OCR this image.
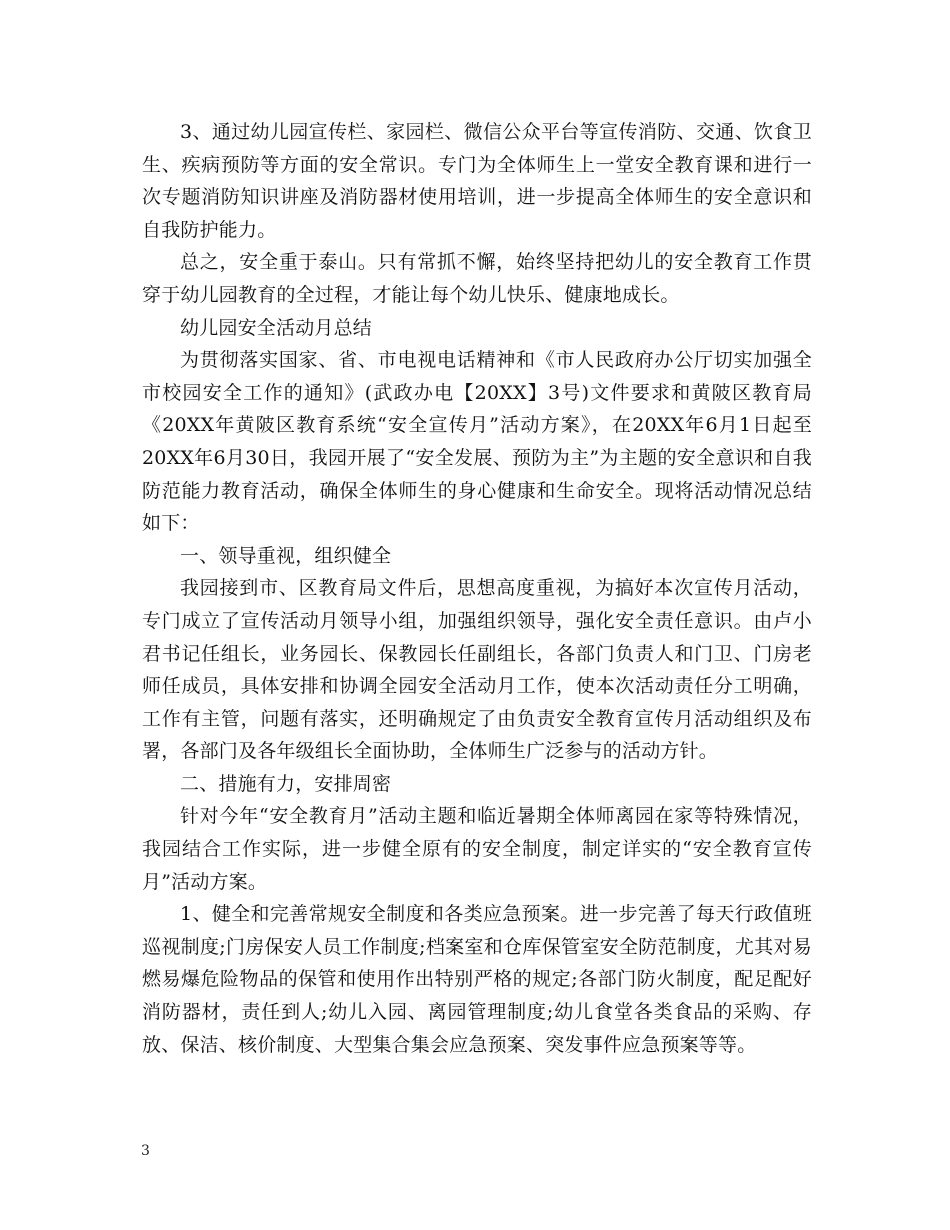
3、通过幼儿园宣传栏、家园栏、微信公众平台等宣传消防、交通、饮食卫生、疾病预防等方面的安全常识。专门为全体师生上一堂安全教育课和进行一次专题消防知识讲座及消防器材使用培训，进一步提高全体师生的安全意识和自我防护能力。

总之，安全重于泰山。只有常抓不懈，始终坚持把幼儿的安全教育工作贯穿于幼儿园教育的全过程，才能让每个幼儿快乐、健康地成长。

幼儿园安全活动月总结

为贯彻落实国家、省、市电视电话精神和《市人民政府办公厅切实加强全市校园安全工作的通知》(武政办电【20XX】3号)文件要求和黄陂区教育局《20XX年黄陂区教育系统“安全宣传月”活动方案》，在20XX年6月1日起至20XX年6月30日，我园开展了“安全发展、预防为主”为主题的安全意识和自我防范能力教育活动，确保全体师生的身心健康和生命安全。现将活动情况总结如下：

一、领导重视，组织健全

我园接到市、区教育局文件后，思想高度重视，为搞好本次宣传月活动，专门成立了宣传活动月领导小组，加强组织领导，强化安全责任意识。由卢小君书记任组长，业务园长、保教园长任副组长，各部门负责人和门卫、门房老师任成员，具体安排和协调全园安全活动月工作，使本次活动责任分工明确，工作有主管，问题有落实，还明确规定了由负责安全教育宣传月活动组织及布署，各部门及各年级组长全面协助，全体师生广泛参与的活动方针。

二、措施有力，安排周密

针对今年“安全教育月”活动主题和临近暑期全体师离园在家等特殊情况，我园结合工作实际，进一步健全原有的安全制度，制定详实的“安全教育宣传月”活动方案。

1、健全和完善常规安全制度和各类应急预案。进一步完善了每天行政值班巡视制度;门房保安人员工作制度;档案室和仓库保管室安全防范制度，尤其对易燃易爆危险物品的保管和使用作出特别严格的规定;各部门防火制度，配足配好消防器材，责任到人;幼儿入园、离园管理制度;幼儿食堂各类食品的采购、存放、保洁、核价制度、大型集合集会应急预案、突发事件应急预案等等。

3
